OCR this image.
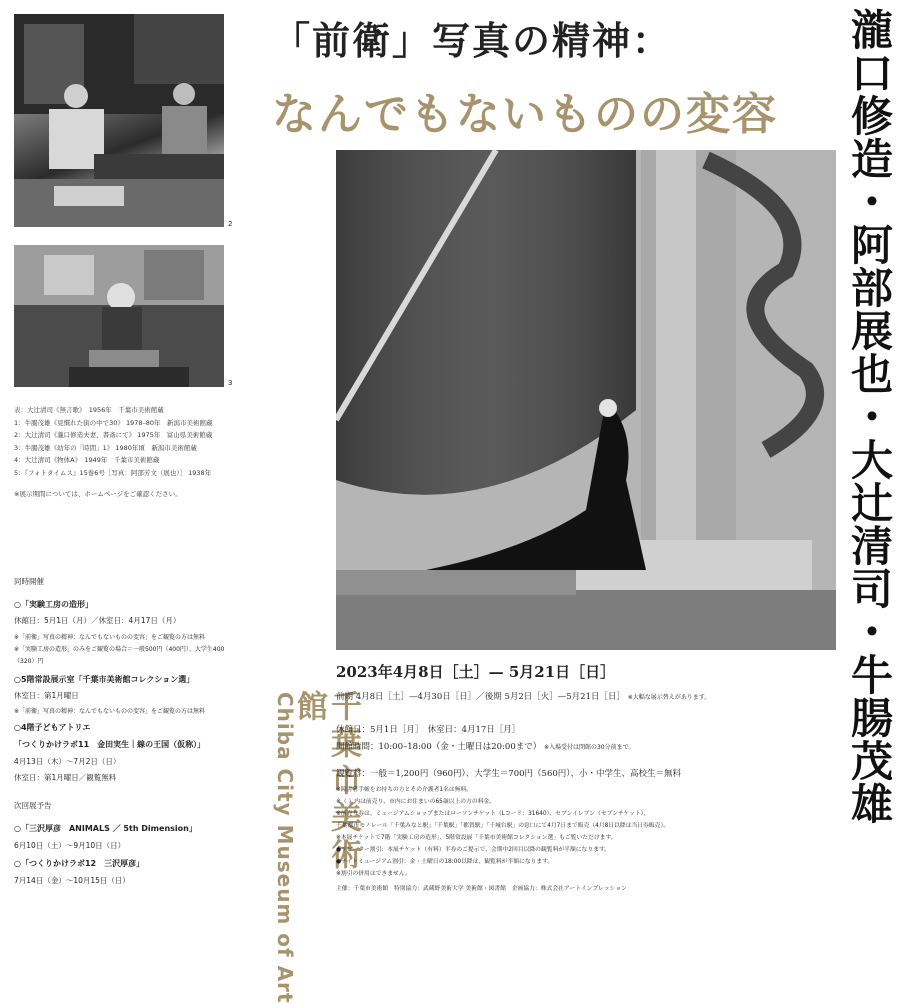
2
3
「前衛」写真の精神：
なんでもないものの変容 瀧口修造・阿部展也・大辻清司・牛腸茂雄
表：大辻清司《無言歌》　1956年　千葉市美術館蔵
1：牛腸茂雄《見慣れた街の中で30》 1978–80年　新潟市美術館蔵
2：大辻清司《瀧口修造夫妻、書斎にて》 1975年　富山県美術館蔵
3：牛腸茂雄《幼年の「時間」1》 1980年頃　新潟市美術館蔵
4：大辻清司《物体A》　1949年　千葉市美術館蔵
5：『フォトタイムス』15巻6号［写真：阿部芳文（展也）］ 1938年
※展示期間については、ホームページをご確認ください。
同時開催
○「実験工房の造形」
休館日：5月1日（月）／休室日：4月17日（月）
※「前衛」写真の精神：なんでもないものの変容」をご観覧の方は無料
※「実験工房の造形」のみをご観覧の場合＝一般500円（400円）、大学生400
（320）円
○5階常設展示室「千葉市美術館コレクション選」
休室日：第1月曜日
※「前衛」写真の精神：なんでもないものの変容」をご観覧の方は無料
○4階子どもアトリエ
「つくりかけラボ11　金田実生｜線の王国（仮称）」
4月13日（木）〜7月2日（日）
休室日：第1月曜日／観覧無料
次回展予告
○「三沢厚彦　ANIMALS ／ 5th Dimension」
6月10日（土）〜9月10日（日）
○「つくりかけラボ12　三沢厚彦」
7月14日（金）〜10月15日（日）
千葉市美術館
Chiba City Museum of Art
2023年4月8日［土］— 5月21日［日］
前期 4月8日［土］—4月30日［日］／後期 5月2日［火］—5月21日［日］ ※大幅な展示替えがあります。
休館日：5月1日［月］　休室日：4月17日［月］
開館時間：10:00–18:00（金・土曜日は20:00まで） ※入場受付は閉館の30分前まで。
観覧料：一般＝1,200円（960円）、大学生＝700円（560円）、小・中学生、高校生＝無料
※障害者手帳をお持ちの方とその介護者1名は無料。
※（ ）内は前売り、市内にお住まいの65歳以上の方の料金。
※前売り券は、ミュージアムショップまたはローソンチケット（Lコード：31640）、セブンイレブン（セブンチケット）、
千葉都市モノレール「千葉みなと駅」「千葉駅」「都賀駅」「千城台駅」の窓口にて4月7日まで販売（4月8日以降は当日券販売）。
※本展チケットで7階「実験工房の造形」、5階常設展「千葉市美術館コレクション選」もご覧いただけます。
●リピーター割引：本展チケット（有料）半券のご提示で、会期中2回目以降の観覧料が半額になります。
●ナイトミュージアム割引：金・土曜日の18:00以降は、観覧料が半額になります。
※割引の併用はできません。
主催：千葉市美術館　特別協力：武蔵野美術大学 美術館・図書館　企画協力：株式会社アートインプレッション
